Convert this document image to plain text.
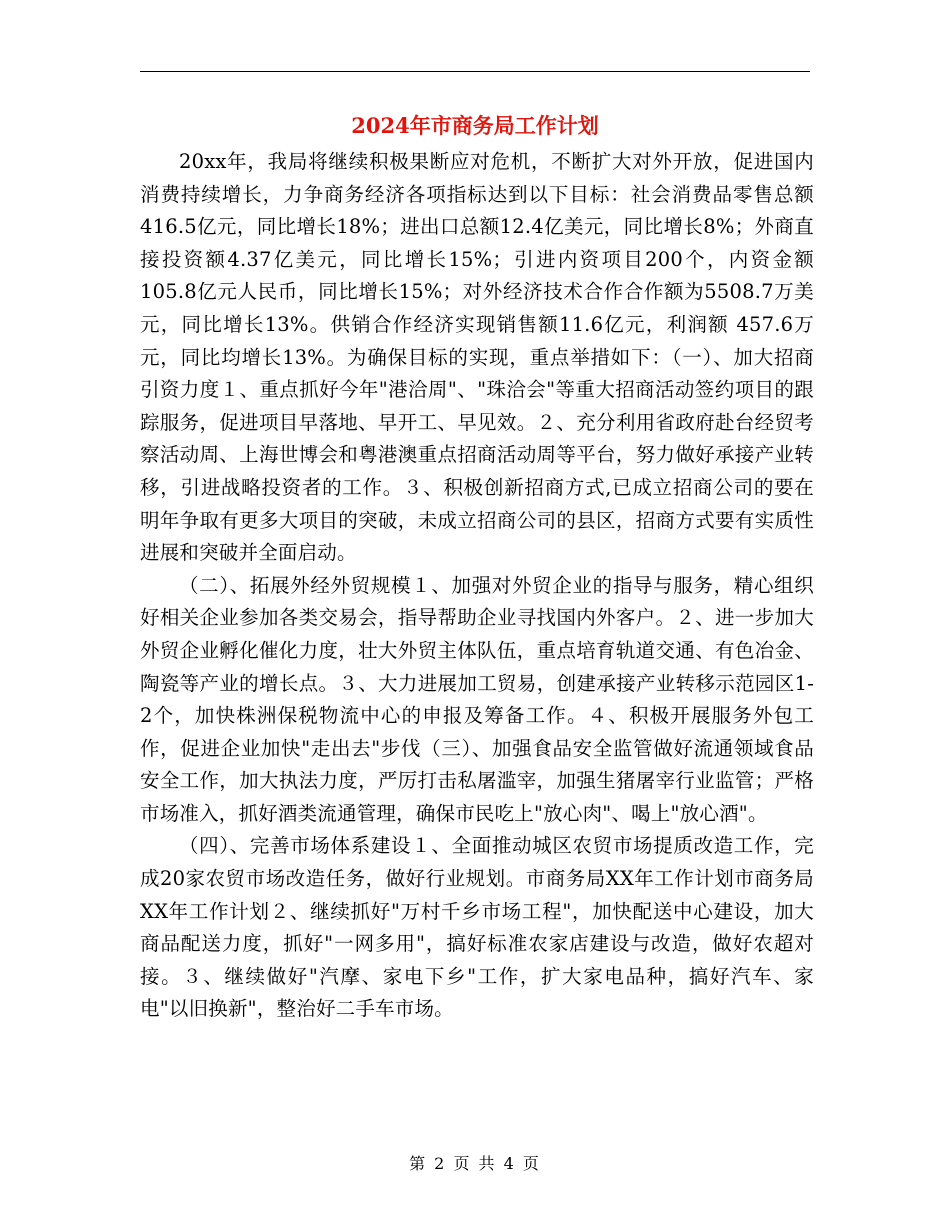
2024年市商务局工作计划

20xx年，我局将继续积极果断应对危机，不断扩大对外开放，促进国内消费持续增长，力争商务经济各项指标达到以下目标：社会消费品零售总额 416.5亿元，同比增长18%；进出口总额12.4亿美元，同比增长8%；外商直接投资额4.37亿美元，同比增长15%；引进内资项目200个，内资金额105.8亿元人民币，同比增长15%；对外经济技术合作合作额为5508.7万美元，同比增长13%。供销合作经济实现销售额11.6亿元，利润额 457.6万元，同比均增长13%。为确保目标的实现，重点举措如下：（一）、加大招商引资力度１、重点抓好今年"港洽周"、"珠洽会"等重大招商活动签约项目的跟踪服务，促进项目早落地、早开工、早见效。２、充分利用省政府赴台经贸考察活动周、上海世博会和粤港澳重点招商活动周等平台，努力做好承接产业转移，引进战略投资者的工作。３、积极创新招商方式,已成立招商公司的要在明年争取有更多大项目的突破，未成立招商公司的县区，招商方式要有实质性进展和突破并全面启动。

（二）、拓展外经外贸规模１、加强对外贸企业的指导与服务，精心组织好相关企业参加各类交易会，指导帮助企业寻找国内外客户。２、进一步加大外贸企业孵化催化力度，壮大外贸主体队伍，重点培育轨道交通、有色冶金、陶瓷等产业的增长点。３、大力进展加工贸易，创建承接产业转移示范园区1-2个，加快株洲保税物流中心的申报及筹备工作。４、积极开展服务外包工作，促进企业加快"走出去"步伐（三）、加强食品安全监管做好流通领域食品安全工作，加大执法力度，严厉打击私屠滥宰，加强生猪屠宰行业监管；严格市场准入，抓好酒类流通管理，确保市民吃上"放心肉"、喝上"放心酒"。

（四）、完善市场体系建设１、全面推动城区农贸市场提质改造工作，完成20家农贸市场改造任务，做好行业规划。市商务局XX年工作计划市商务局XX年工作计划２、继续抓好"万村千乡市场工程"，加快配送中心建设，加大商品配送力度，抓好"一网多用"，搞好标准农家店建设与改造，做好农超对接。３、继续做好"汽摩、家电下乡"工作，扩大家电品种，搞好汽车、家电"以旧换新"，整治好二手车市场。

第 2 页 共 4 页
